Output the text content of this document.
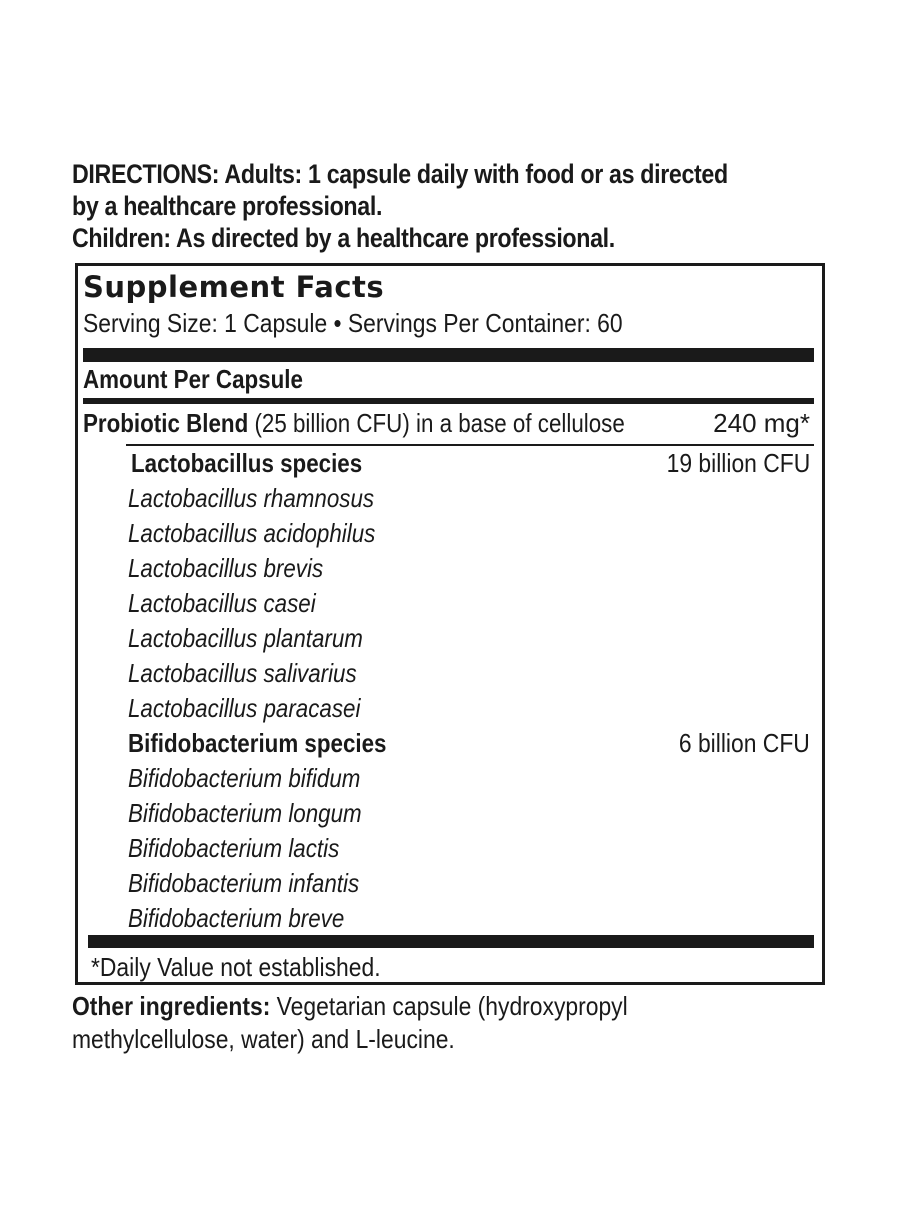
DIRECTIONS: Adults: 1 capsule daily with food or as directed
by a healthcare professional.
Children: As directed by a healthcare professional.
Supplement Facts
Serving Size: 1 Capsule • Servings Per Container: 60
Amount Per Capsule
Probiotic Blend (25 billion CFU) in a base of cellulose	240 mg*
Lactobacillus species	19 billion CFU
Lactobacillus rhamnosus
Lactobacillus acidophilus
Lactobacillus brevis
Lactobacillus casei
Lactobacillus plantarum
Lactobacillus salivarius
Lactobacillus paracasei
Bifidobacterium species	6 billion CFU
Bifidobacterium bifidum
Bifidobacterium longum
Bifidobacterium lactis
Bifidobacterium infantis
Bifidobacterium breve
*Daily Value not established.
Other ingredients: Vegetarian capsule (hydroxypropyl
methylcellulose, water) and L-leucine.
